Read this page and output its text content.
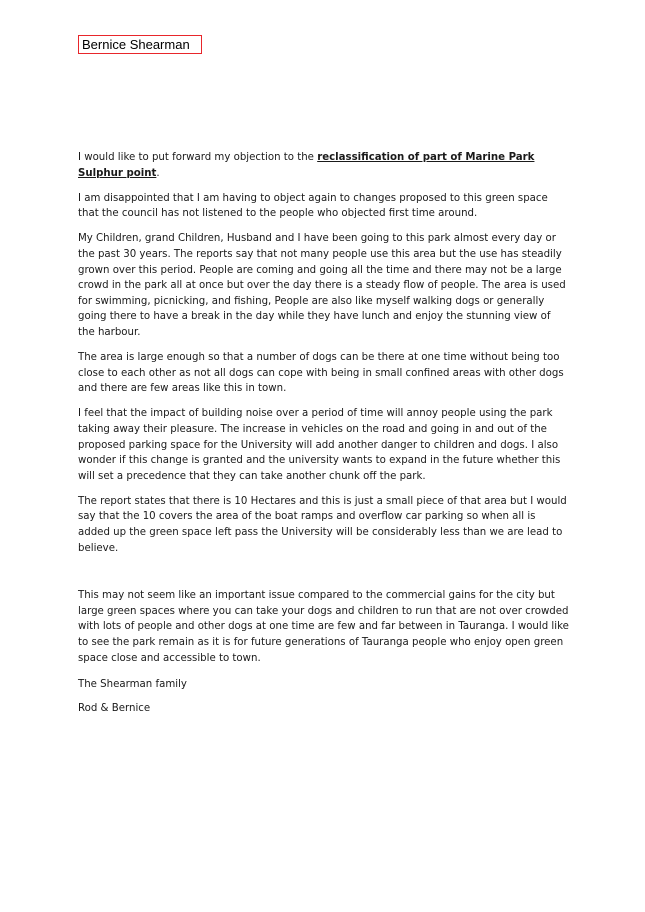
Bernice Shearman

I would like to put forward my objection to the reclassification of part of Marine Park Sulphur point.

I am disappointed that I am having to object again to changes proposed to this green space that the council has not listened to the people who objected first time around.

My Children, grand Children, Husband and I have been going to this park almost every day or the past 30 years. The reports say that not many people use this area but the use has steadily grown over this period. People are coming and going all the time and there may not be a large crowd in the park all at once but over the day there is a steady flow of people. The area is used for swimming, picnicking, and fishing, People are also like myself walking dogs or generally going there to have a break in the day while they have lunch and enjoy the stunning view of the harbour.

The area is large enough so that a number of dogs can be there at one time without being too close to each other as not all dogs can cope with being in small confined areas with other dogs and there are few areas like this in town.

I feel that the impact of building noise over a period of time will annoy people using the park taking away their pleasure. The increase in vehicles on the road and going in and out of the proposed parking space for the University will add another danger to children and dogs. I also wonder if this change is granted and the university wants to expand in the future whether this will set a precedence that they can take another chunk off the park.

The report states that there is 10 Hectares and this is just a small piece of that area but I would say that the 10 covers the area of the boat ramps and overflow car parking so when all is added up the green space left pass the University will be considerably less than we are lead to believe.

This may not seem like an important issue compared to the commercial gains for the city but large green spaces where you can take your dogs and children to run that are not over crowded with lots of people and other dogs at one time are few and far between in Tauranga. I would like to see the park remain as it is for future generations of Tauranga people who enjoy open green space close and accessible to town.

The Shearman family

Rod & Bernice
